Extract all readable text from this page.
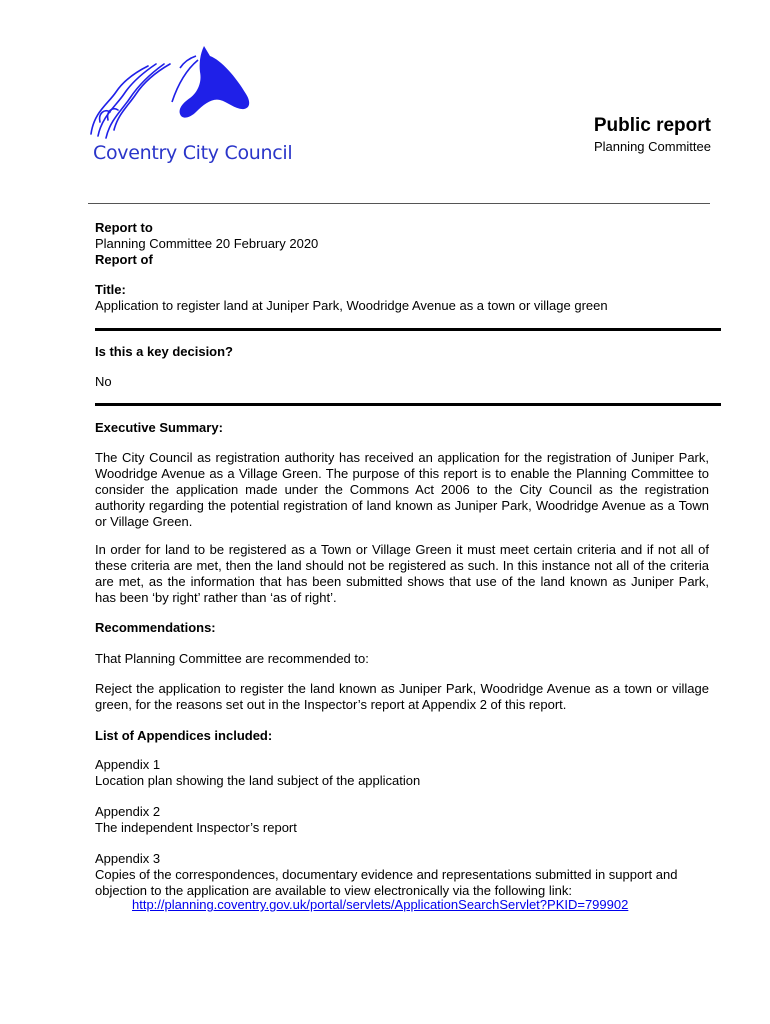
Coventry City Council
Public report
Planning Committee
Report to
Planning Committee 20 February 2020
Report of
Title:
Application to register land at Juniper Park, Woodridge Avenue as a town or village green
Is this a key decision?
No
Executive Summary:
The City Council as registration authority has received an application for the registration of Juniper Park, Woodridge Avenue as a Village Green. The purpose of this report is to enable the Planning Committee to consider the application made under the Commons Act 2006 to the City Council as the registration authority regarding the potential registration of land known as Juniper Park, Woodridge Avenue as a Town or Village Green.
In order for land to be registered as a Town or Village Green it must meet certain criteria and if not all of these criteria are met, then the land should not be registered as such. In this instance not all of the criteria are met, as the information that has been submitted shows that use of the land known as Juniper Park, has been ‘by right’ rather than ‘as of right’.
Recommendations:
That Planning Committee are recommended to:
Reject the application to register the land known as Juniper Park, Woodridge Avenue as a town or village green, for the reasons set out in the Inspector’s report at Appendix 2 of this report.
List of Appendices included:
Appendix 1
Location plan showing the land subject of the application
Appendix 2
The independent Inspector’s report
Appendix 3
Copies of the correspondences, documentary evidence and representations submitted in support and objection to the application are available to view electronically via the following link:
http://planning.coventry.gov.uk/portal/servlets/ApplicationSearchServlet?PKID=799902
